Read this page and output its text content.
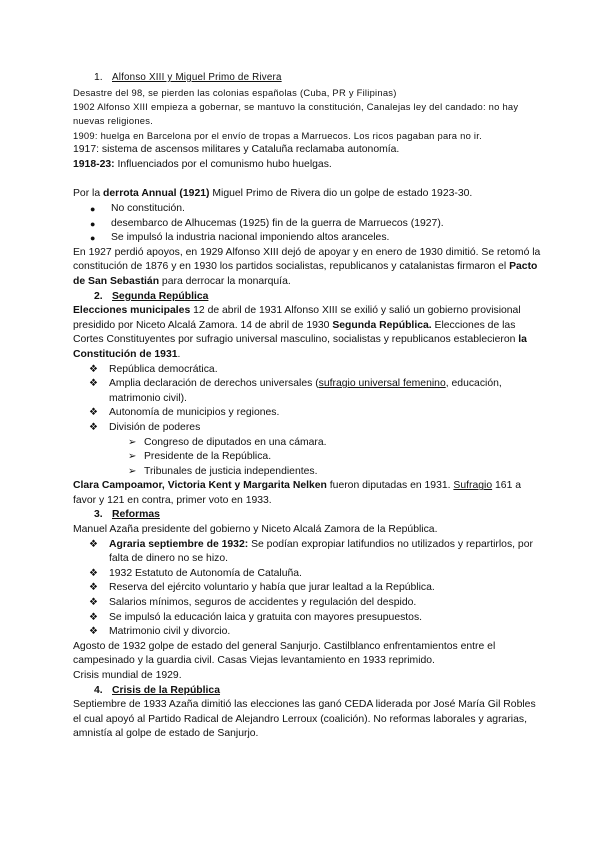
1. Alfonso XIII y Miguel Primo de Rivera

Desastre del 98, se pierden las colonias españolas (Cuba, PR y Filipinas)

1902 Alfonso XIII empieza a gobernar, se mantuvo la constitución, Canalejas ley del candado: no hay nuevas religiones.

1909: huelga en Barcelona por el envío de tropas a Marruecos. Los ricos pagaban para no ir.

1917: sistema de ascensos militares y Cataluña reclamaba autonomía.

1918-23: Influenciados por el comunismo hubo huelgas.

Por la derrota Annual (1921) Miguel Primo de Rivera dio un golpe de estado 1923-30.

● No constitución.
● desembarco de Alhucemas (1925) fin de la guerra de Marruecos (1927).
● Se impulsó la industria nacional imponiendo altos aranceles.

En 1927 perdió apoyos, en 1929 Alfonso XIII dejó de apoyar y en enero de 1930 dimitió. Se retomó la constitución de 1876 y en 1930 los partidos socialistas, republicanos y catalanistas firmaron el Pacto de San Sebastián para derrocar la monarquía.

2. Segunda República

Elecciones municipales 12 de abril de 1931 Alfonso XIII se exilió y salió un gobierno provisional presidido por Niceto Alcalá Zamora. 14 de abril de 1930 Segunda República. Elecciones de las Cortes Constituyentes por sufragio universal masculino, socialistas y republicanos establecieron la Constitución de 1931.

❖ República democrática.
❖ Amplia declaración de derechos universales (sufragio universal femenino, educación, matrimonio civil).
❖ Autonomía de municipios y regiones.
❖ División de poderes
➢ Congreso de diputados en una cámara.
➢ Presidente de la República.
➢ Tribunales de justicia independientes.

Clara Campoamor, Victoria Kent y Margarita Nelken fueron diputadas en 1931. Sufragio 161 a favor y 121 en contra, primer voto en 1933.

3. Reformas

Manuel Azaña presidente del gobierno y Niceto Alcalá Zamora de la República.

❖ Agraria septiembre de 1932: Se podían expropiar latifundios no utilizados y repartirlos, por falta de dinero no se hizo.
❖ 1932 Estatuto de Autonomía de Cataluña.
❖ Reserva del ejército voluntario y había que jurar lealtad a la República.
❖ Salarios mínimos, seguros de accidentes y regulación del despido.
❖ Se impulsó la educación laica y gratuita con mayores presupuestos.
❖ Matrimonio civil y divorcio.

Agosto de 1932 golpe de estado del general Sanjurjo. Castilblanco enfrentamientos entre el campesinado y la guardia civil. Casas Viejas levantamiento en 1933 reprimido.

Crisis mundial de 1929.

4. Crisis de la República

Septiembre de 1933 Azaña dimitió las elecciones las ganó CEDA liderada por José María Gil Robles el cual apoyó al Partido Radical de Alejandro Lerroux (coalición). No reformas laborales y agrarias, amnistía al golpe de estado de Sanjurjo.
